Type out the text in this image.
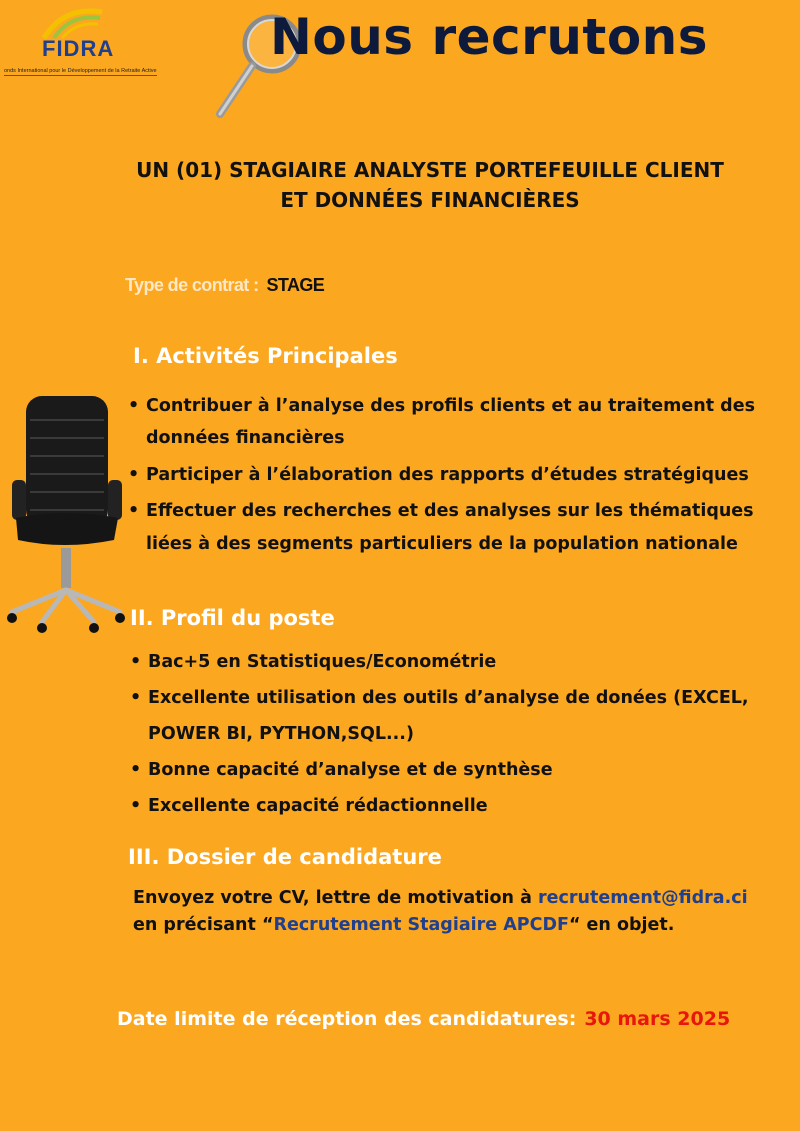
FIDRA
onds International pour le Développement de la Retraite Active
Nous recrutons
UN (01) STAGIAIRE ANALYSTE PORTEFEUILLE CLIENT
ET DONNÉES FINANCIÈRES
Type de contrat : STAGE
I. Activités Principales
• Contribuer à l’analyse des profils clients et au traitement des données financières
• Participer à l’élaboration des rapports d’études stratégiques
• Effectuer des recherches et des analyses sur les thématiques liées à des segments particuliers de la population nationale
II. Profil du poste
• Bac+5 en Statistiques/Econométrie
• Excellente utilisation des outils d’analyse de donées (EXCEL, POWER BI, PYTHON,SQL...)
• Bonne capacité d’analyse et de synthèse
• Excellente capacité rédactionnelle
III. Dossier de candidature
Envoyez votre CV, lettre de motivation à recrutement@fidra.ci
en précisant “Recrutement Stagiaire APCDF“ en objet.
Date limite de réception des candidatures: 30 mars 2025
